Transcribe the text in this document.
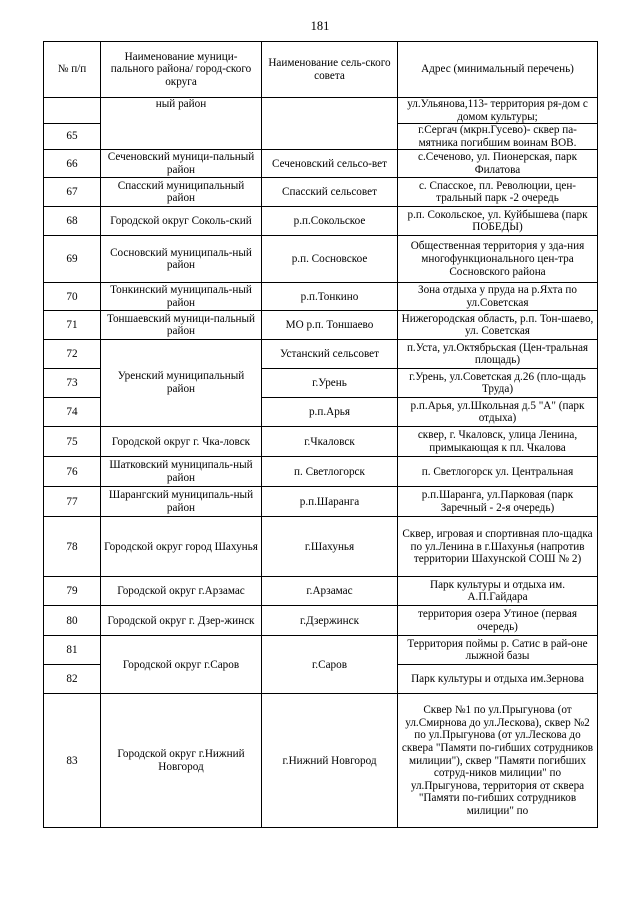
181
№ п/п	Наименование муници-пального района/ город-ского округа	Наименование сель-ского совета	Адрес (минимальный перечень)
	ный район		ул.Ульянова,113- территория ря-дом с домом культуры;
65			г.Сергач (мкрн.Гусево)- сквер па-мятника погибшим воинам ВОВ.
66	Сеченовский муници-пальный район	Сеченовский сельсо-вет	с.Сеченово, ул. Пионерская, парк Филатова
67	Спасский муниципальный район	Спасский сельсовет	с. Спасское, пл. Революции, цен-тральный парк -2 очередь
68	Городской округ Соколь-ский	р.п.Сокольское	р.п. Сокольское, ул. Куйбышева (парк ПОБЕДЫ)
69	Сосновский муниципаль-ный район	р.п. Сосновское	Общественная территория у зда-ния многофункционального цен-тра Сосновского района
70	Тонкинский муниципаль-ный район	р.п.Тонкино	Зона отдыха у пруда на р.Яхта по ул.Советская
71	Тоншаевский муници-пальный район	МО р.п. Тоншаево	Нижегородская область, р.п. Тон-шаево, ул. Советская
72	Уренский муниципальный район	Устанский сельсовет	п.Уста, ул.Октябрьская (Цен-тральная площадь)
73		г.Урень	г.Урень, ул.Советская д.26 (пло-щадь Труда)
74		р.п.Арья	р.п.Арья, ул.Школьная д.5 "А" (парк отдыха)
75	Городской округ г. Чка-ловск	г.Чкаловск	сквер, г. Чкаловск, улица Ленина, примыкающая к пл. Чкалова
76	Шатковский муниципаль-ный район	п. Светлогорск	п. Светлогорск ул. Центральная
77	Шарангский муниципаль-ный район	р.п.Шаранга	р.п.Шаранга, ул.Парковая (парк Заречный - 2-я очередь)
78	Городской округ город Шахунья	г.Шахунья	Сквер, игровая и спортивная пло-щадка по ул.Ленина в г.Шахунья (напротив территории Шахунской СОШ № 2)
79	Городской округ г.Арзамас	г.Арзамас	Парк культуры и отдыха им. А.П.Гайдара
80	Городской округ г. Дзер-жинск	г.Дзержинск	территория озера Утиное (первая очередь)
81	Городской округ г.Саров	г.Саров	Территория поймы р. Сатис в рай-оне лыжной базы
82			Парк культуры и отдыха им.Зернова
83	Городской округ г.Нижний Новгород	г.Нижний Новгород	Сквер №1 по ул.Прыгунова (от ул.Смирнова до ул.Лескова), сквер №2 по ул.Прыгунова (от ул.Лескова до сквера "Памяти по-гибших сотрудников милиции"), сквер "Памяти погибших сотруд-ников милиции" по ул.Прыгунова, территория от сквера "Памяти по-гибших сотрудников милиции" по
